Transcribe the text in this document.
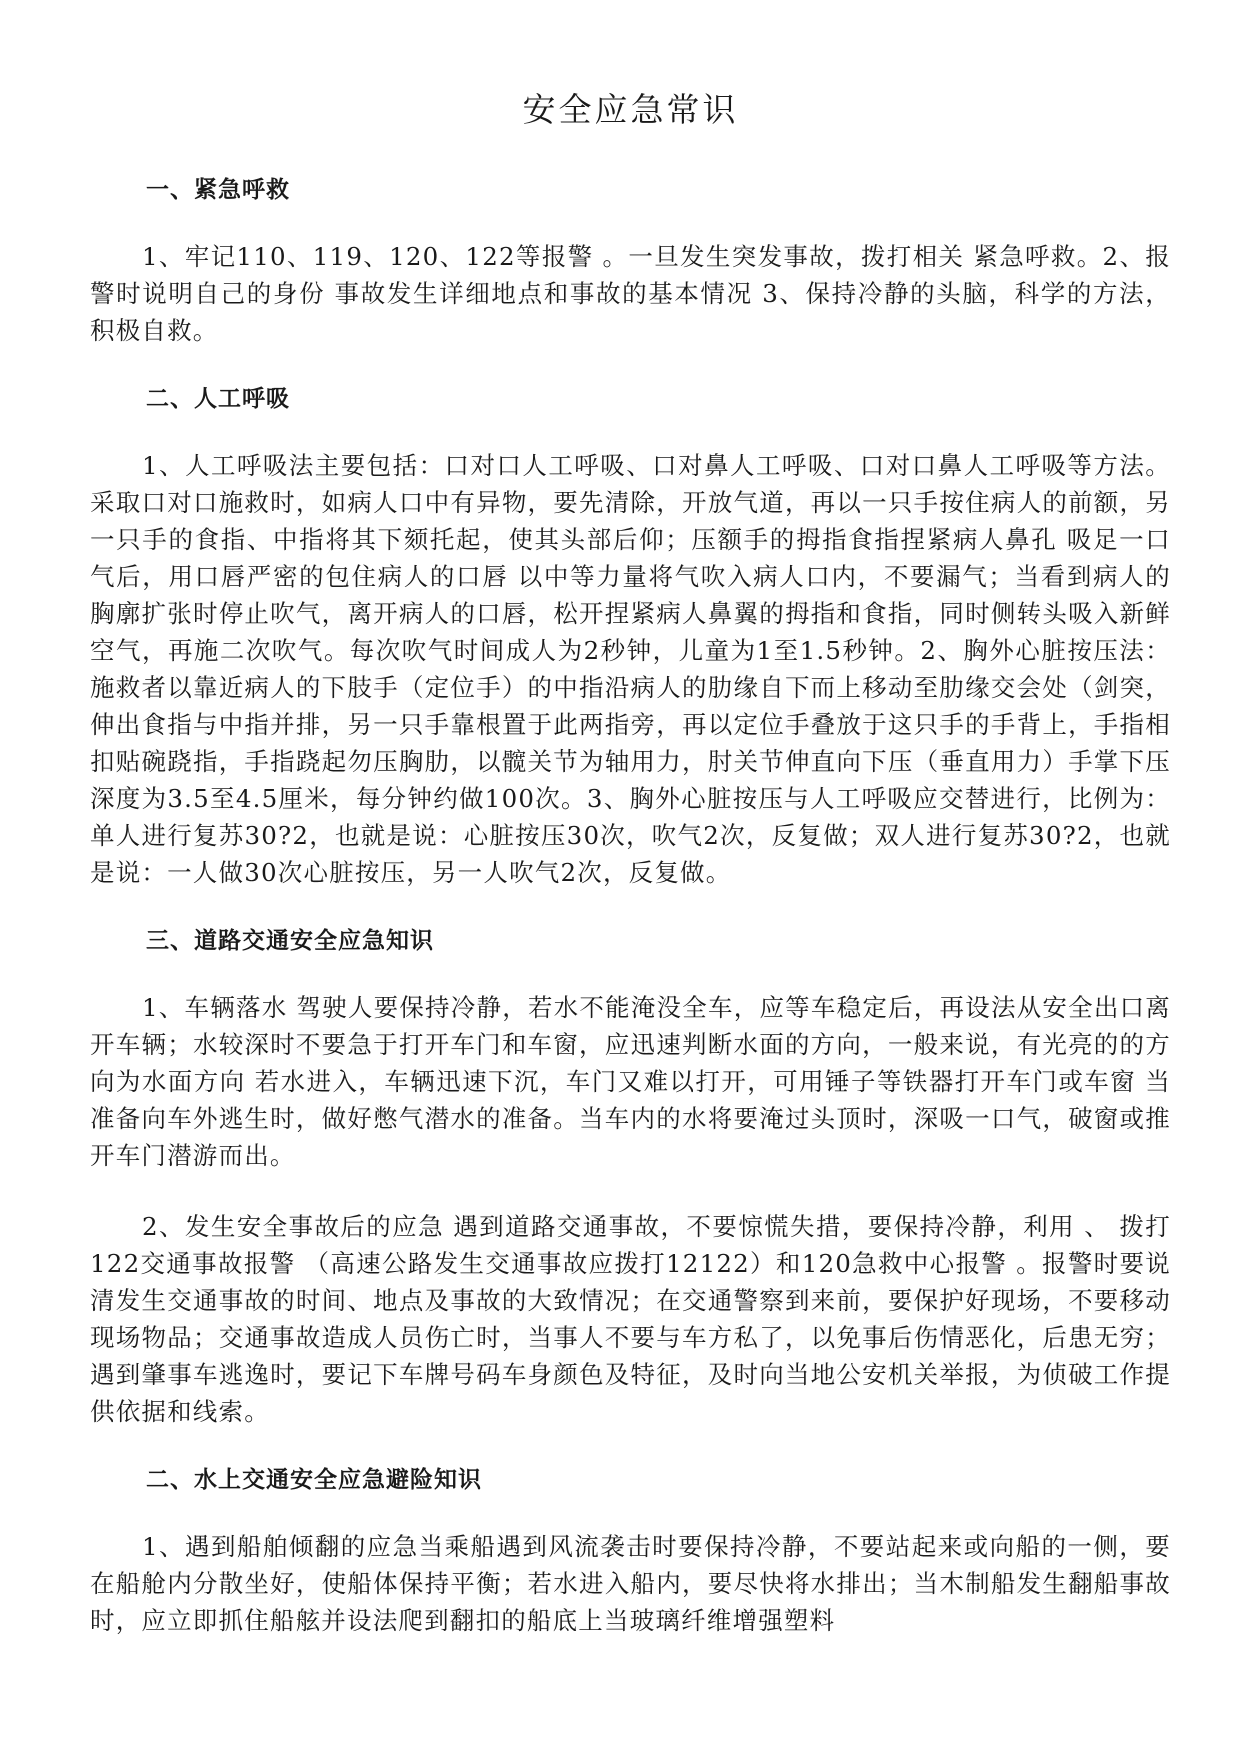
安全应急常识
一、紧急呼救

1、牢记110、119、120、122等报警 。一旦发生突发事故，拨打相关 紧急呼救。2、报警时说明自己的身份 事故发生详细地点和事故的基本情况 3、保持冷静的头脑，科学的方法，积极自救。

二、人工呼吸

1、人工呼吸法主要包括：口对口人工呼吸、口对鼻人工呼吸、口对口鼻人工呼吸等方法。采取口对口施救时，如病人口中有异物，要先清除，开放气道，再以一只手按住病人的前额，另一只手的食指、中指将其下颏托起，使其头部后仰；压额手的拇指食指捏紧病人鼻孔 吸足一口气后，用口唇严密的包住病人的口唇 以中等力量将气吹入病人口内，不要漏气；当看到病人的胸廓扩张时停止吹气，离开病人的口唇，松开捏紧病人鼻翼的拇指和食指，同时侧转头吸入新鲜空气，再施二次吹气。每次吹气时间成人为2秒钟，儿童为1至1.5秒钟。2、胸外心脏按压法：施救者以靠近病人的下肢手（定位手）的中指沿病人的肋缘自下而上移动至肋缘交会处（剑突，伸出食指与中指并排，另一只手靠根置于此两指旁，再以定位手叠放于这只手的手背上，手指相扣贴碗跷指，手指跷起勿压胸肋，以髋关节为轴用力，肘关节伸直向下压（垂直用力）手掌下压深度为3.5至4.5厘米，每分钟约做100次。3、胸外心脏按压与人工呼吸应交替进行，比例为：单人进行复苏30?2，也就是说：心脏按压30次，吹气2次，反复做；双人进行复苏30?2，也就是说：一人做30次心脏按压，另一人吹气2次，反复做。

三、道路交通安全应急知识

1、车辆落水 驾驶人要保持冷静，若水不能淹没全车，应等车稳定后，再设法从安全出口离开车辆；水较深时不要急于打开车门和车窗，应迅速判断水面的方向，一般来说，有光亮的的方向为水面方向 若水进入，车辆迅速下沉，车门又难以打开，可用锤子等铁器打开车门或车窗 当准备向车外逃生时，做好憋气潜水的准备。当车内的水将要淹过头顶时，深吸一口气，破窗或推开车门潜游而出。

2、发生安全事故后的应急 遇到道路交通事故，不要惊慌失措，要保持冷静，利用 、 拨打122交通事故报警 （高速公路发生交通事故应拨打12122）和120急救中心报警 。报警时要说清发生交通事故的时间、地点及事故的大致情况；在交通警察到来前，要保护好现场，不要移动现场物品；交通事故造成人员伤亡时，当事人不要与车方私了，以免事后伤情恶化，后患无穷；遇到肇事车逃逸时，要记下车牌号码车身颜色及特征，及时向当地公安机关举报，为侦破工作提供依据和线索。

二、水上交通安全应急避险知识

1、遇到船舶倾翻的应急当乘船遇到风流袭击时要保持冷静，不要站起来或向船的一侧，要在船舱内分散坐好，使船体保持平衡；若水进入船内，要尽快将水排出；当木制船发生翻船事故时，应立即抓住船舷并设法爬到翻扣的船底上当玻璃纤维增强塑料
